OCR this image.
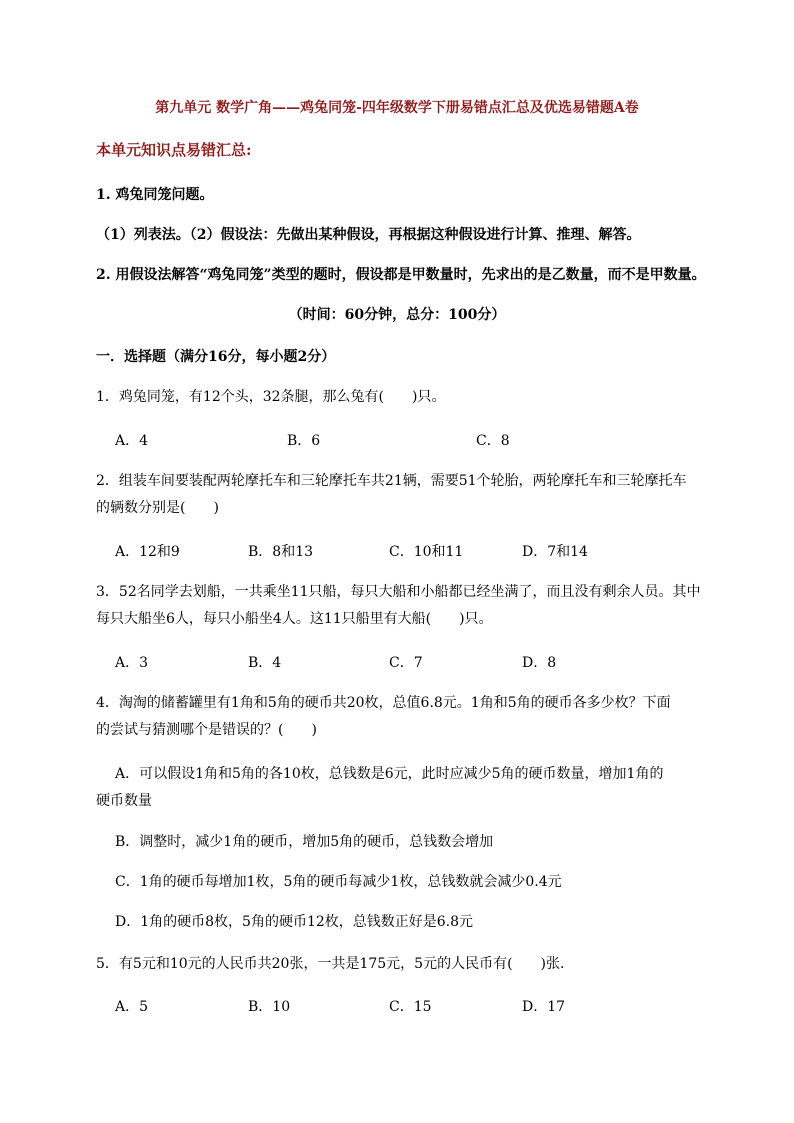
第九单元 数学广角——鸡兔同笼-四年级数学下册易错点汇总及优选易错题A卷
本单元知识点易错汇总:
1. 鸡兔同笼问题。
（1）列表法。（2）假设法：先做出某种假设，再根据这种假设进行计算、推理、解答。
2. 用假设法解答“鸡兔同笼”类型的题时，假设都是甲数量时，先求出的是乙数量，而不是甲数量。
（时间：60分钟，总分：100分）
一．选择题（满分16分，每小题2分）
1．鸡兔同笼，有12个头，32条腿，那么兔有(　　)只。
A．4	B．6	C．8
2．组装车间要装配两轮摩托车和三轮摩托车共21辆，需要51个轮胎，两轮摩托车和三轮摩托车
的辆数分别是(　　)
A．12和9	B．8和13	C．10和11	D．7和14
3．52名同学去划船，一共乘坐11只船，每只大船和小船都已经坐满了，而且没有剩余人员。其中
每只大船坐6人，每只小船坐4人。这11只船里有大船(　　)只。
A．3	B．4	C．7	D．8
4．淘淘的储蓄罐里有1角和5角的硬币共20枚，总值6.8元。1角和5角的硬币各多少枚？下面
的尝试与猜测哪个是错误的？(　　)
A．可以假设1角和5角的各10枚，总钱数是6元，此时应减少5角的硬币数量，增加1角的
硬币数量
B．调整时，减少1角的硬币，增加5角的硬币，总钱数会增加
C．1角的硬币每增加1枚，5角的硬币每减少1枚，总钱数就会减少0.4元
D．1角的硬币8枚，5角的硬币12枚，总钱数正好是6.8元
5．有5元和10元的人民币共20张，一共是175元，5元的人民币有(　　)张．
A．5	B．10	C．15	D．17
